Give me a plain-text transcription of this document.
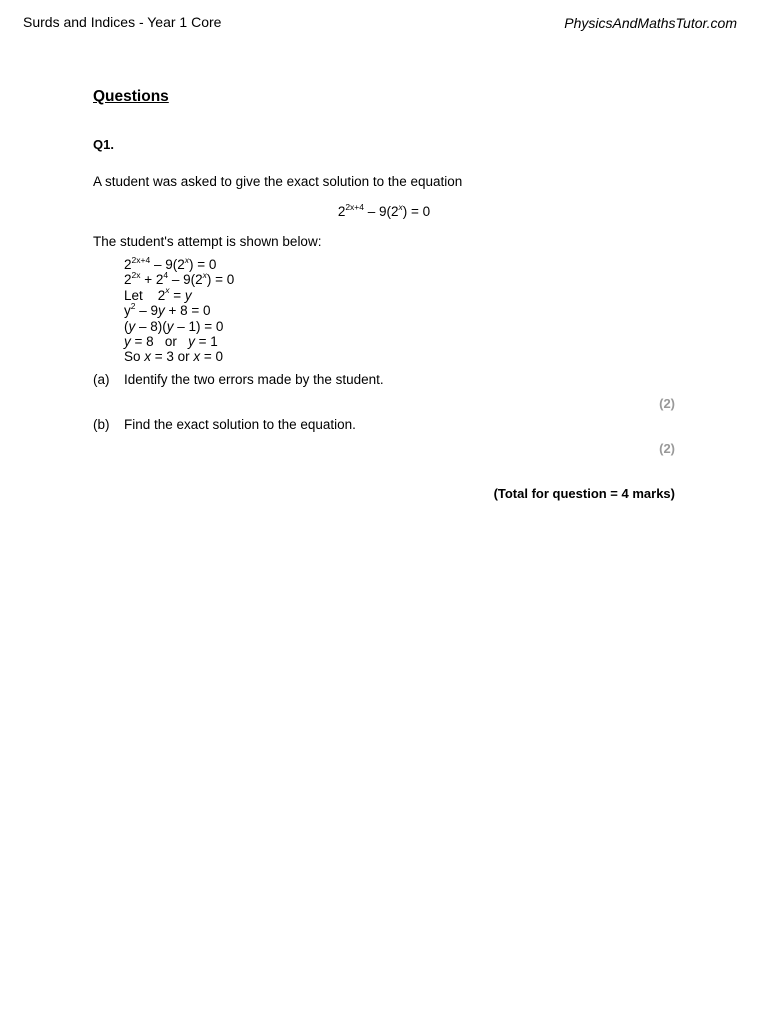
Surds and Indices - Year 1 Core	PhysicsAndMathsTutor.com
Questions
Q1.
A student was asked to give the exact solution to the equation
$2^{2x+4} - 9(2^x) = 0$
The student's attempt is shown below:
$2^{2x+4} - 9(2^x) = 0$
$2^{2x} + 2^4 - 9(2^x) = 0$
Let    $2^x = y$
$y^2 - 9y + 8 = 0$
(y – 8)(y – 1) = 0
y = 8   or   y = 1
So x = 3 or x = 0
(a) Identify the two errors made by the student.
(2)
(b) Find the exact solution to the equation.
(2)
(Total for question = 4 marks)
